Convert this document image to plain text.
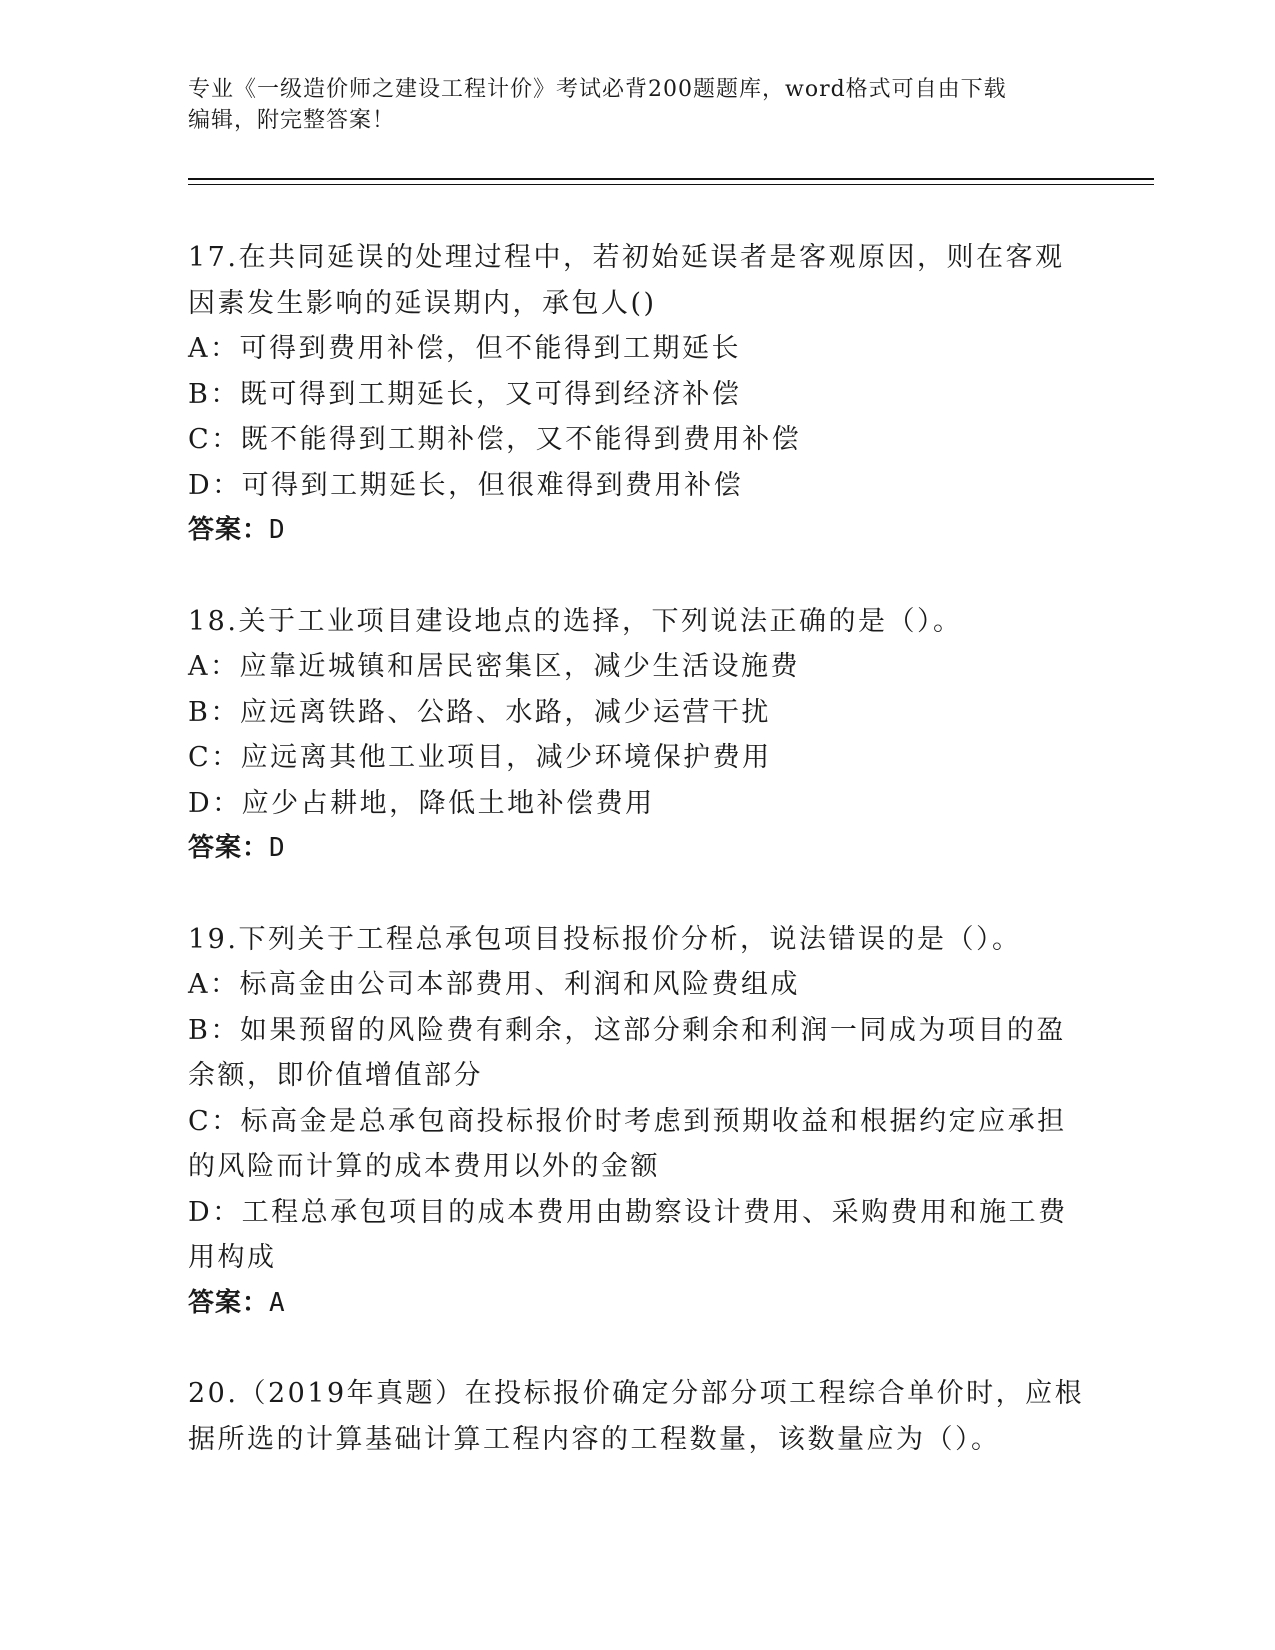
专业《一级造价师之建设工程计价》考试必背200题题库，word格式可自由下载
编辑，附完整答案！

17.在共同延误的处理过程中，若初始延误者是客观原因，则在客观因素发生影响的延误期内，承包人()

A：可得到费用补偿，但不能得到工期延长

B：既可得到工期延长，又可得到经济补偿

C：既不能得到工期补偿，又不能得到费用补偿

D：可得到工期延长，但很难得到费用补偿

答案：D

18.关于工业项目建设地点的选择，下列说法正确的是（）。

A：应靠近城镇和居民密集区，减少生活设施费

B：应远离铁路、公路、水路，减少运营干扰

C：应远离其他工业项目，减少环境保护费用

D：应少占耕地，降低土地补偿费用

答案：D

19.下列关于工程总承包项目投标报价分析，说法错误的是（）。

A：标高金由公司本部费用、利润和风险费组成

B：如果预留的风险费有剩余，这部分剩余和利润一同成为项目的盈余额，即价值增值部分

C：标高金是总承包商投标报价时考虑到预期收益和根据约定应承担的风险而计算的成本费用以外的金额

D：工程总承包项目的成本费用由勘察设计费用、采购费用和施工费用构成

答案：A

20.（2019年真题）在投标报价确定分部分项工程综合单价时，应根据所选的计算基础计算工程内容的工程数量，该数量应为（）。
